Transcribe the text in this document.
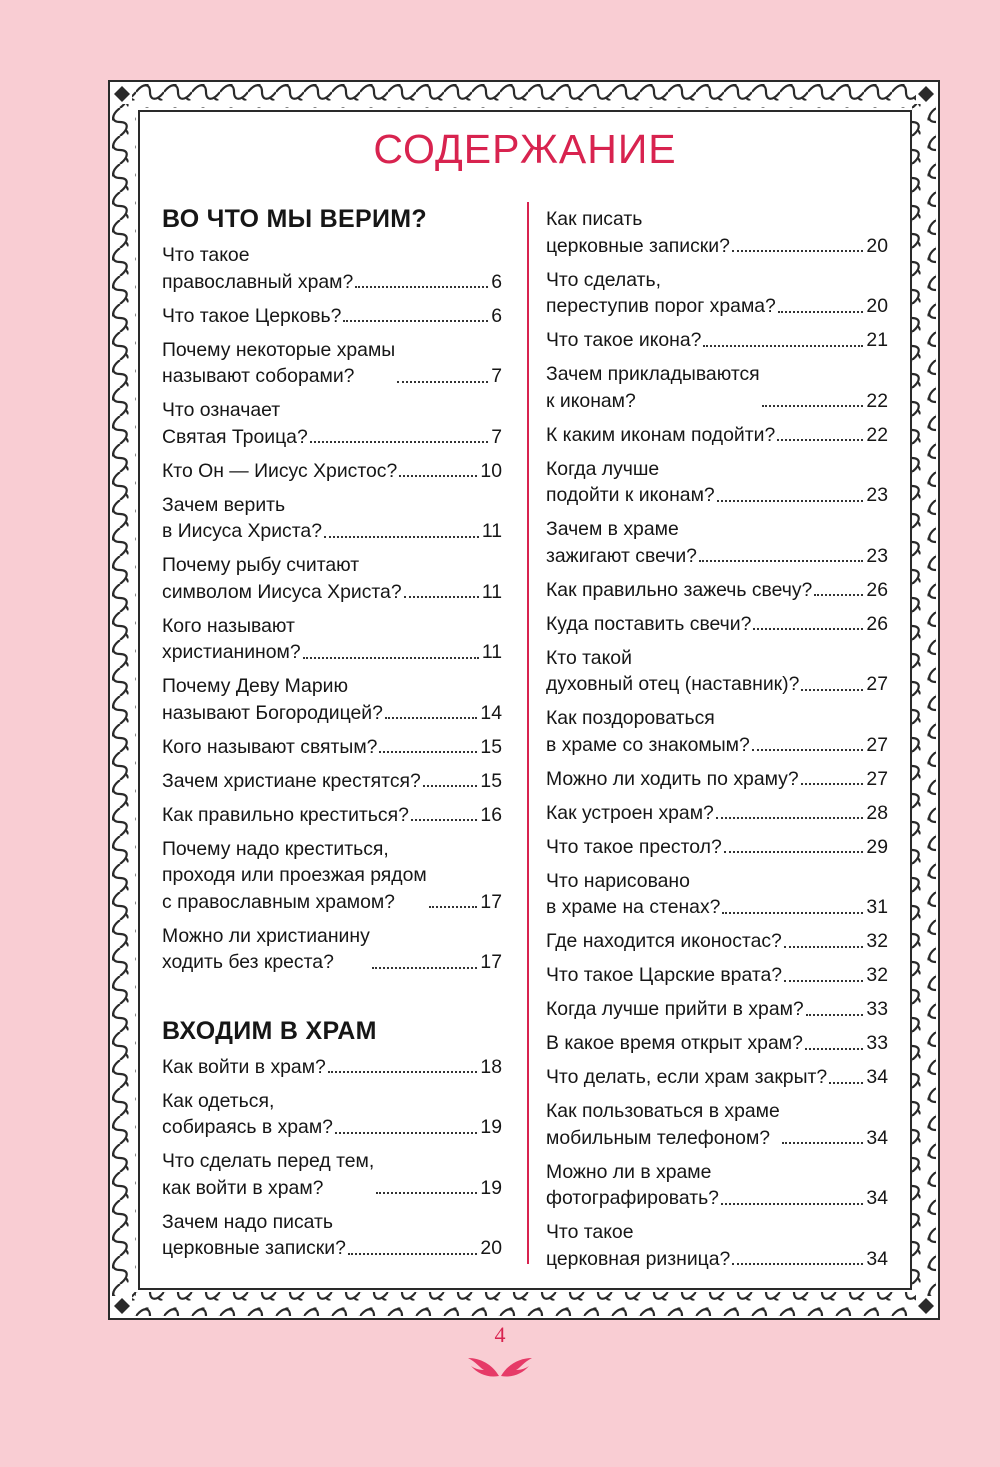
СОДЕРЖАНИЕ
ВО ЧТО МЫ ВЕРИМ?
Что такое
православный храм?	6
Что такое Церковь?	6
Почему некоторые храмы
называют соборами?	7
Что означает
Святая Троица?	7
Кто Он — Иисус Христос?	10
Зачем верить
в Иисуса Христа?	11
Почему рыбу считают
символом Иисуса Христа?	11
Кого называют
христианином?	11
Почему Деву Марию
называют Богородицей?	14
Кого называют святым?	15
Зачем христиане крестятся?	15
Как правильно креститься?	16
Почему надо креститься,
проходя или проезжая рядом
с православным храмом?	17
Можно ли христианину
ходить без креста?	17
ВХОДИМ В ХРАМ
Как войти в храм?	18
Как одеться,
собираясь в храм?	19
Что сделать перед тем,
как войти в храм?	19
Зачем надо писать
церковные записки?	20
Как писать
церковные записки?	20
Что сделать,
переступив порог храма?	20
Что такое икона?	21
Зачем прикладываются
к иконам?	22
К каким иконам подойти?	22
Когда лучше
подойти к иконам?	23
Зачем в храме
зажигают свечи?	23
Как правильно зажечь свечу?	26
Куда поставить свечи?	26
Кто такой
духовный отец (наставник)?	27
Как поздороваться
в храме со знакомым?	27
Можно ли ходить по храму?	27
Как устроен храм?	28
Что такое престол?	29
Что нарисовано
в храме на стенах?	31
Где находится иконостас?	32
Что такое Царские врата?	32
Когда лучше прийти в храм?	33
В какое время открыт храм?	33
Что делать, если храм закрыт? 34
Как пользоваться в храме
мобильным телефоном?	34
Можно ли в храме
фотографировать?	34
Что такое
церковная ризница?	34
4
